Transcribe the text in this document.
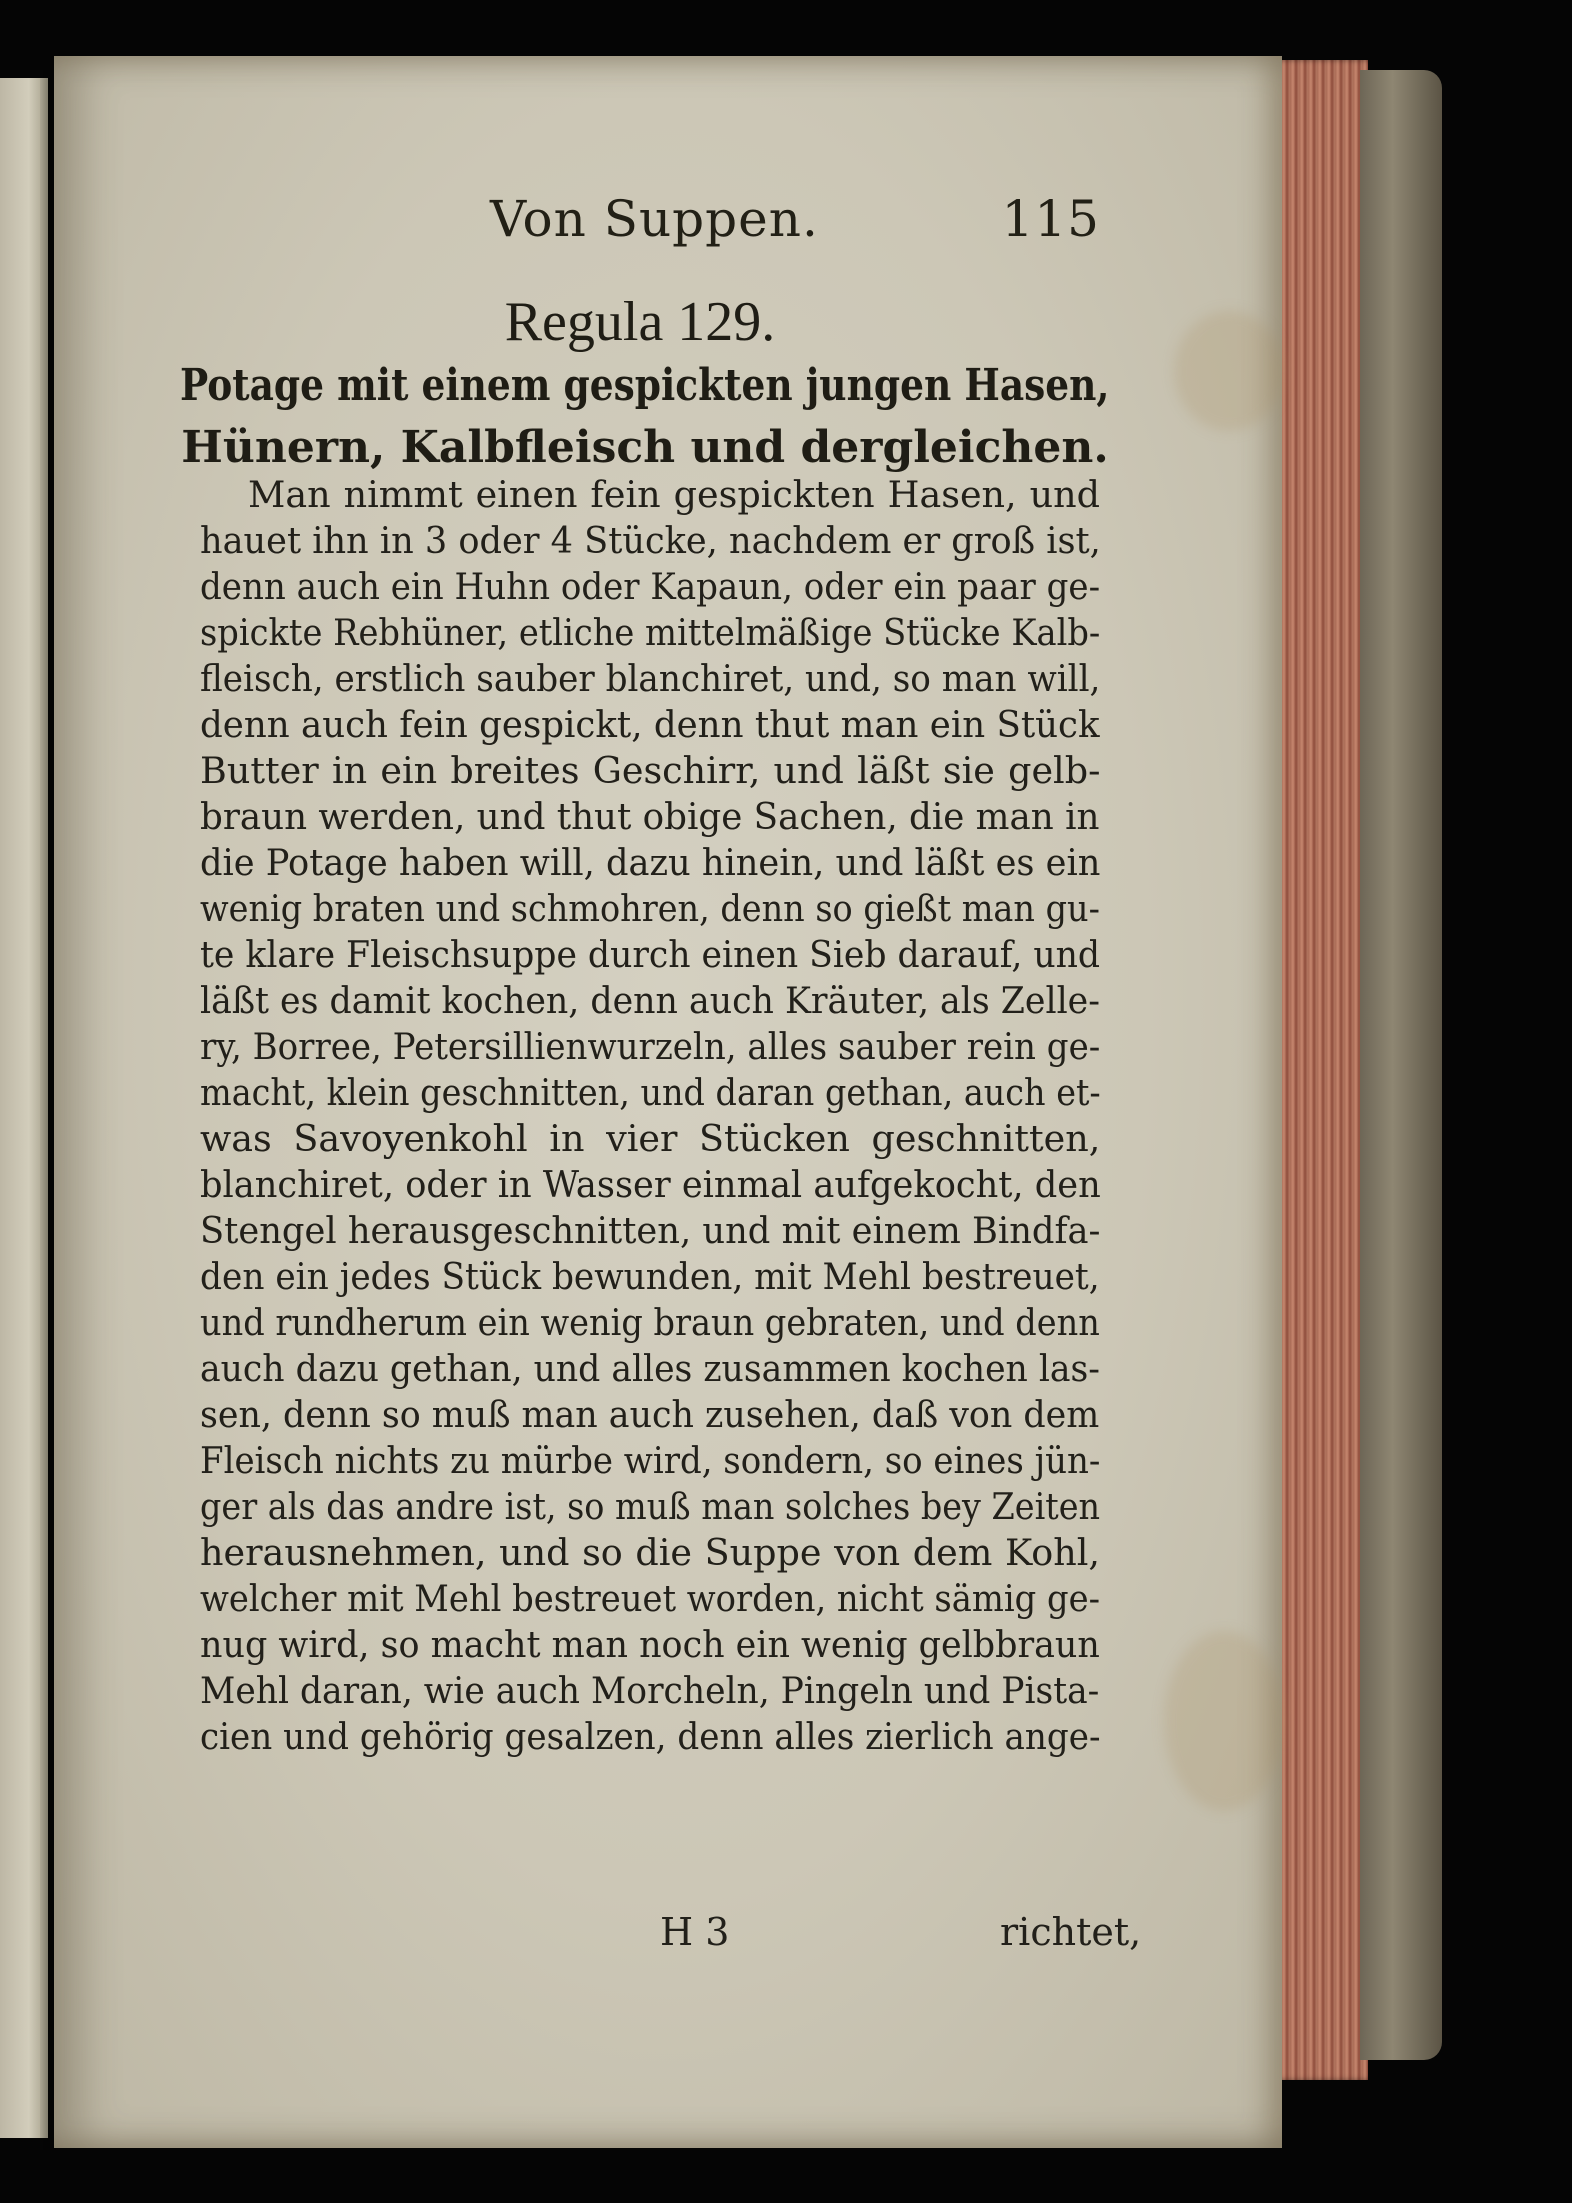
Von Suppen.	115
Regula 129.
Potage mit einem gespickten jungen Hasen,
Hünern, Kalbfleisch und dergleichen.
Man nimmt einen fein gespickten Hasen, und
hauet ihn in 3 oder 4 Stücke, nachdem er groß ist,
denn auch ein Huhn oder Kapaun, oder ein paar ge-
spickte Rebhüner, etliche mittelmäßige Stücke Kalb-
fleisch, erstlich sauber blanchiret, und, so man will,
denn auch fein gespickt, denn thut man ein Stück
Butter in ein breites Geschirr, und läßt sie gelb-
braun werden, und thut obige Sachen, die man in
die Potage haben will, dazu hinein, und läßt es ein
wenig braten und schmohren, denn so gießt man gu-
te klare Fleischsuppe durch einen Sieb darauf, und
läßt es damit kochen, denn auch Kräuter, als Zelle-
ry, Borree, Petersillienwurzeln, alles sauber rein ge-
macht, klein geschnitten, und daran gethan, auch et-
was Savoyenkohl in vier Stücken geschnitten,
blanchiret, oder in Wasser einmal aufgekocht, den
Stengel herausgeschnitten, und mit einem Bindfa-
den ein jedes Stück bewunden, mit Mehl bestreuet,
und rundherum ein wenig braun gebraten, und denn
auch dazu gethan, und alles zusammen kochen las-
sen, denn so muß man auch zusehen, daß von dem
Fleisch nichts zu mürbe wird, sondern, so eines jün-
ger als das andre ist, so muß man solches bey Zeiten
herausnehmen, und so die Suppe von dem Kohl,
welcher mit Mehl bestreuet worden, nicht sämig ge-
nug wird, so macht man noch ein wenig gelbbraun
Mehl daran, wie auch Morcheln, Pingeln und Pista-
cien und gehörig gesalzen, denn alles zierlich ange-
H 3	richtet,
